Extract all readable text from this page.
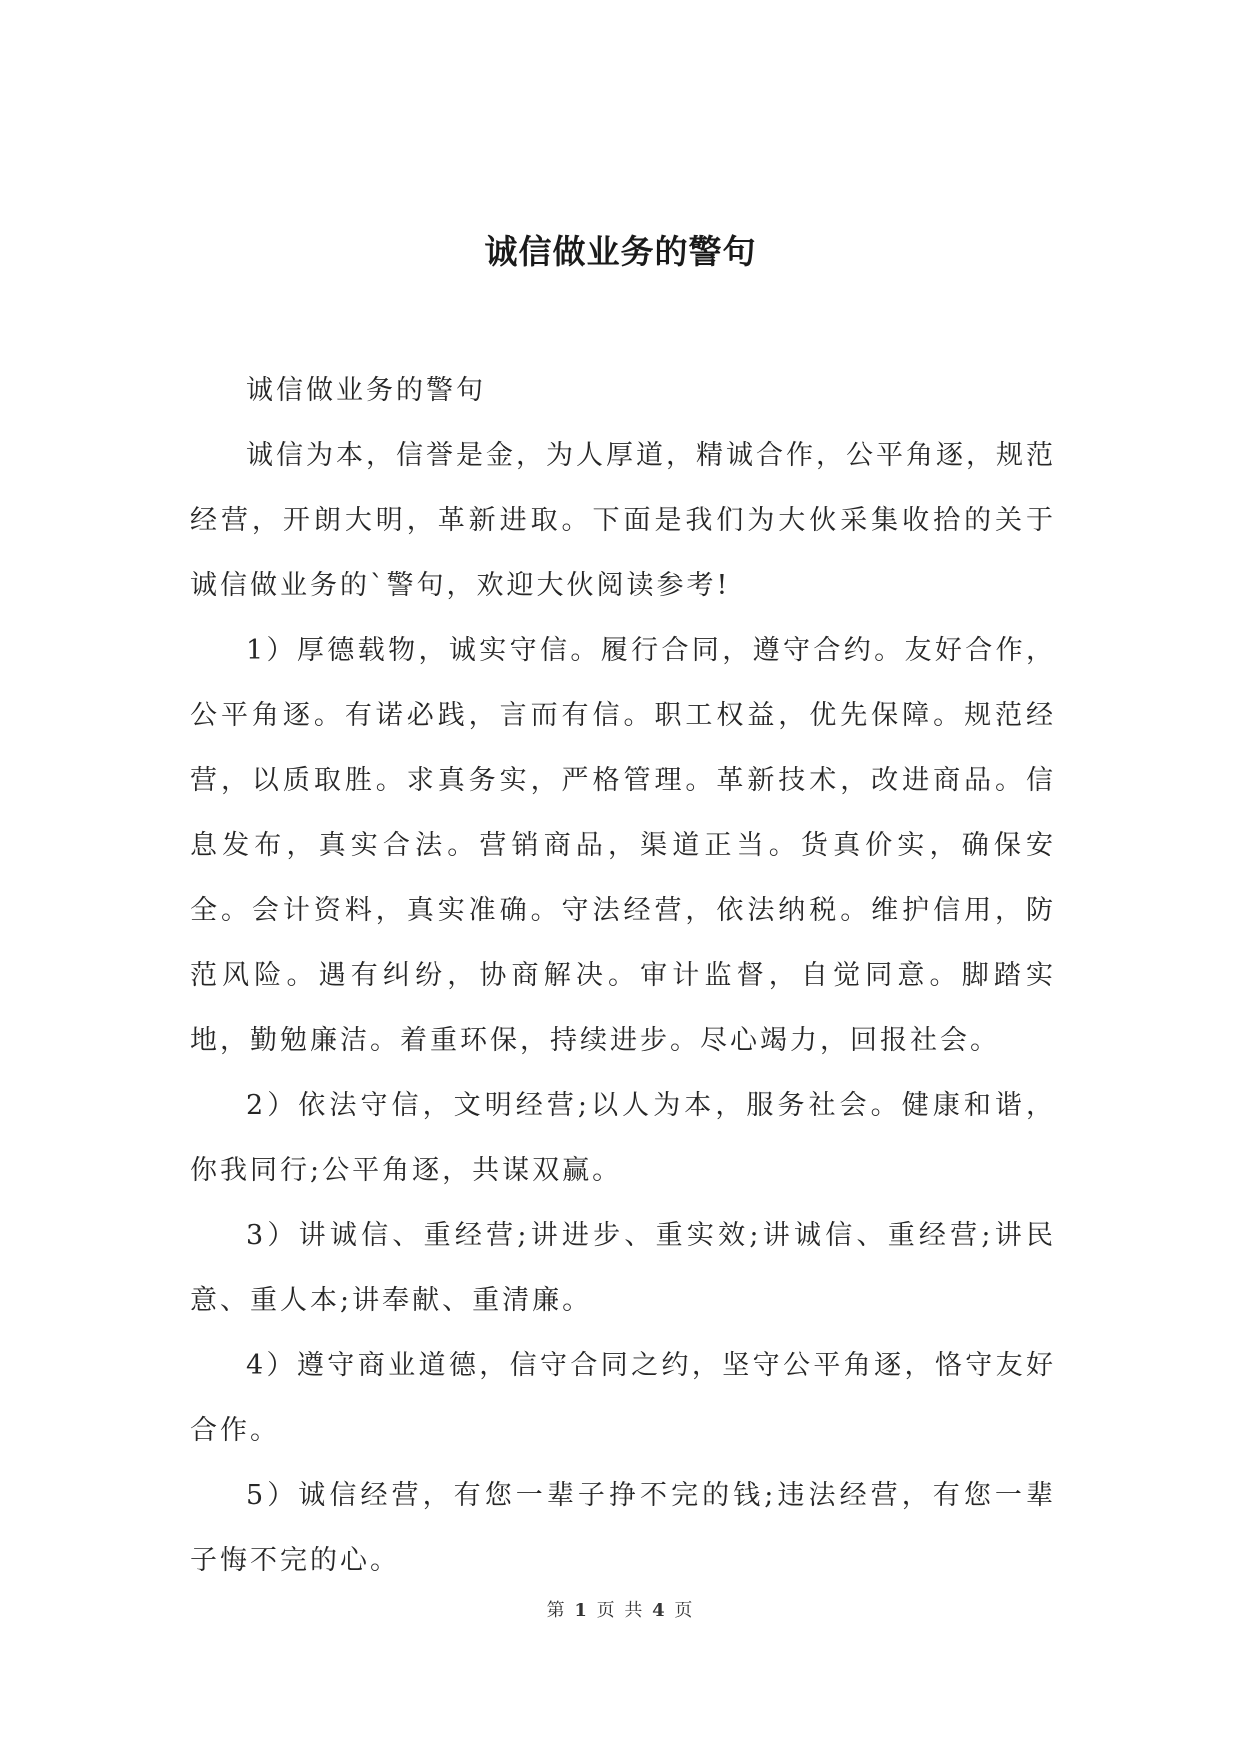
诚信做业务的警句

诚信做业务的警句

诚信为本，信誉是金，为人厚道，精诚合作，公平角逐，规范经营，开朗大明，革新进取。下面是我们为大伙采集收拾的关于诚信做业务的`警句，欢迎大伙阅读参考!

1）厚德载物，诚实守信。履行合同，遵守合约。友好合作，公平角逐。有诺必践，言而有信。职工权益，优先保障。规范经营，以质取胜。求真务实，严格管理。革新技术，改进商品。信息发布，真实合法。营销商品，渠道正当。货真价实，确保安全。会计资料，真实准确。守法经营，依法纳税。维护信用，防范风险。遇有纠纷，协商解决。审计监督，自觉同意。脚踏实地，勤勉廉洁。着重环保，持续进步。尽心竭力，回报社会。

2）依法守信，文明经营;以人为本，服务社会。健康和谐，你我同行;公平角逐，共谋双赢。

3）讲诚信、重经营;讲进步、重实效;讲诚信、重经营;讲民意、重人本;讲奉献、重清廉。

4）遵守商业道德，信守合同之约，坚守公平角逐，恪守友好合作。

5）诚信经营，有您一辈子挣不完的钱;违法经营，有您一辈子悔不完的心。

第 1 页 共 4 页
